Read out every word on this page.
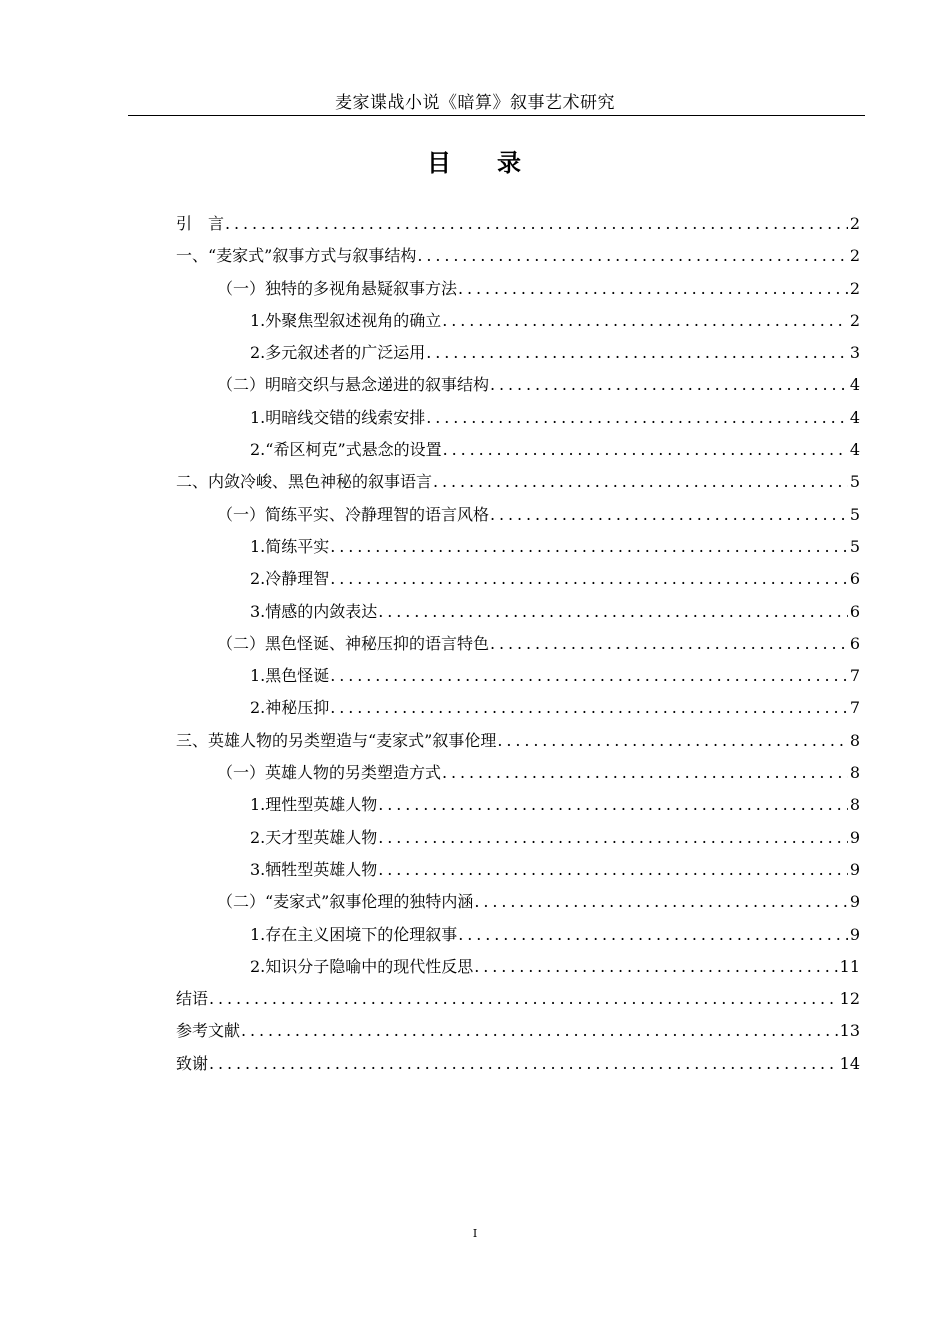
麦家谍战小说《暗算》叙事艺术研究
目 录
引　言 .....	2
一、“麦家式”叙事方式与叙事结构 .....	2
（一）独特的多视角悬疑叙事方法 .....	2
1.外聚焦型叙述视角的确立 .....	2
2.多元叙述者的广泛运用 .....	3
（二）明暗交织与悬念递进的叙事结构 .....	4
1.明暗线交错的线索安排 .....	4
2.“希区柯克”式悬念的设置 .....	4
二、内敛冷峻、黑色神秘的叙事语言 .....	5
（一）简练平实、冷静理智的语言风格 .....	5
1.简练平实 .....	5
2.冷静理智 .....	6
3.情感的内敛表达 .....	6
（二）黑色怪诞、神秘压抑的语言特色 .....	6
1.黑色怪诞 .....	7
2.神秘压抑 .....	7
三、英雄人物的另类塑造与“麦家式”叙事伦理 .....	8
（一）英雄人物的另类塑造方式 .....	8
1.理性型英雄人物 .....	8
2.天才型英雄人物 .....	9
3.牺牲型英雄人物 .....	9
（二）“麦家式”叙事伦理的独特内涵 .....	9
1.存在主义困境下的伦理叙事 .....	9
2.知识分子隐喻中的现代性反思 .....	11
结语 .....	12
参考文献 .....	13
致谢 .....	14
I
